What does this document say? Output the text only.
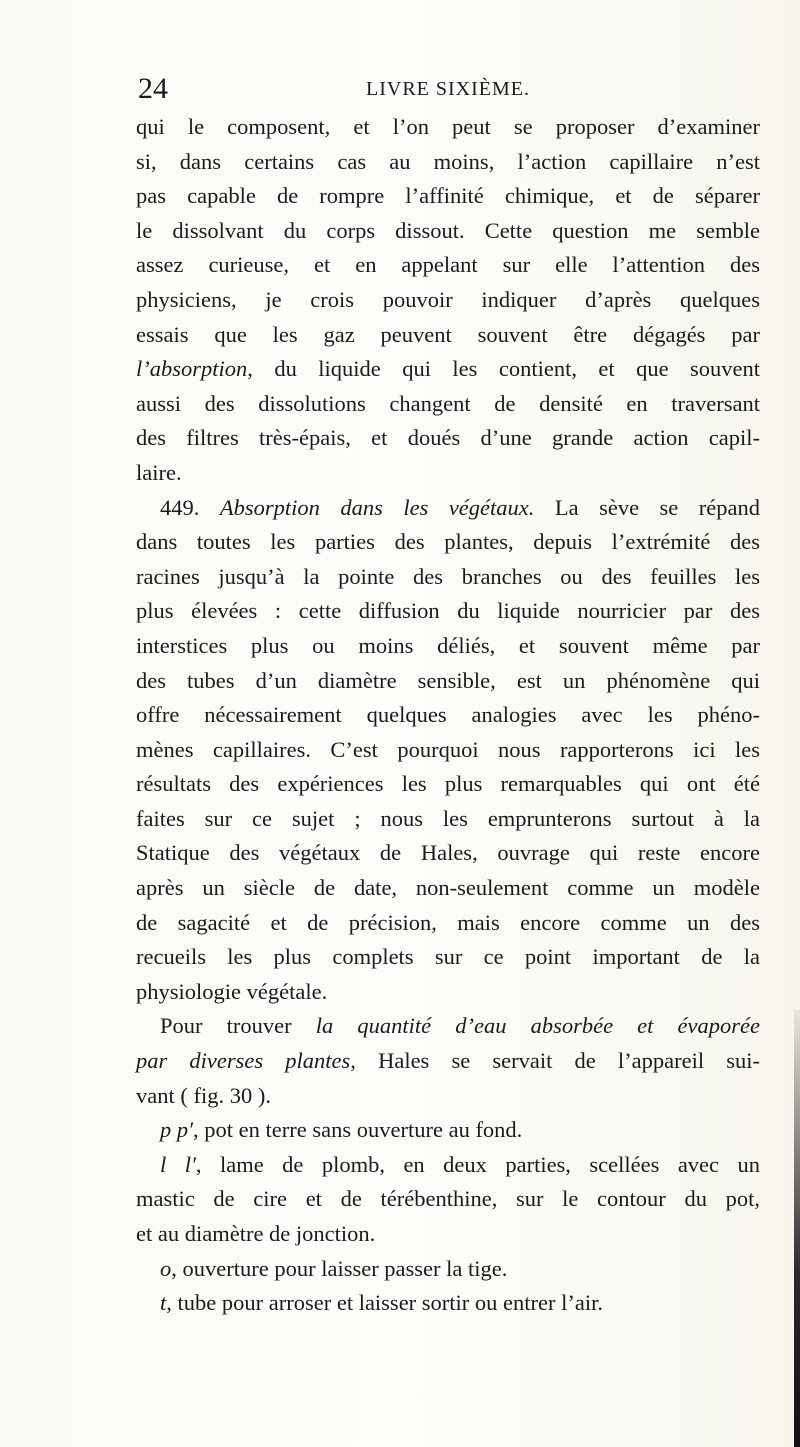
24	LIVRE SIXIÈME.
qui le composent, et l’on peut se proposer d’examiner
si, dans certains cas au moins, l’action capillaire n’est
pas capable de rompre l’affinité chimique, et de séparer
le dissolvant du corps dissout. Cette question me semble
assez curieuse, et en appelant sur elle l’attention des
physiciens, je crois pouvoir indiquer d’après quelques
essais que les gaz peuvent souvent être dégagés par
l’absorption, du liquide qui les contient, et que souvent
aussi des dissolutions changent de densité en traversant
des filtres très-épais, et doués d’une grande action capil-
laire.
449. Absorption dans les végétaux. La sève se répand
dans toutes les parties des plantes, depuis l’extrémité des
racines jusqu’à la pointe des branches ou des feuilles les
plus élevées : cette diffusion du liquide nourricier par des
interstices plus ou moins déliés, et souvent même par
des tubes d’un diamètre sensible, est un phénomène qui
offre nécessairement quelques analogies avec les phéno-
mènes capillaires. C’est pourquoi nous rapporterons ici les
résultats des expériences les plus remarquables qui ont été
faites sur ce sujet ; nous les emprunterons surtout à la
Statique des végétaux de Hales, ouvrage qui reste encore
après un siècle de date, non-seulement comme un modèle
de sagacité et de précision, mais encore comme un des
recueils les plus complets sur ce point important de la
physiologie végétale.
Pour trouver la quantité d’eau absorbée et évaporée
par diverses plantes, Hales se servait de l’appareil sui-
vant ( fig. 30 ).
p p′, pot en terre sans ouverture au fond.
l l′, lame de plomb, en deux parties, scellées avec un
mastic de cire et de térébenthine, sur le contour du pot,
et au diamètre de jonction.
o, ouverture pour laisser passer la tige.
t, tube pour arroser et laisser sortir ou entrer l’air.
